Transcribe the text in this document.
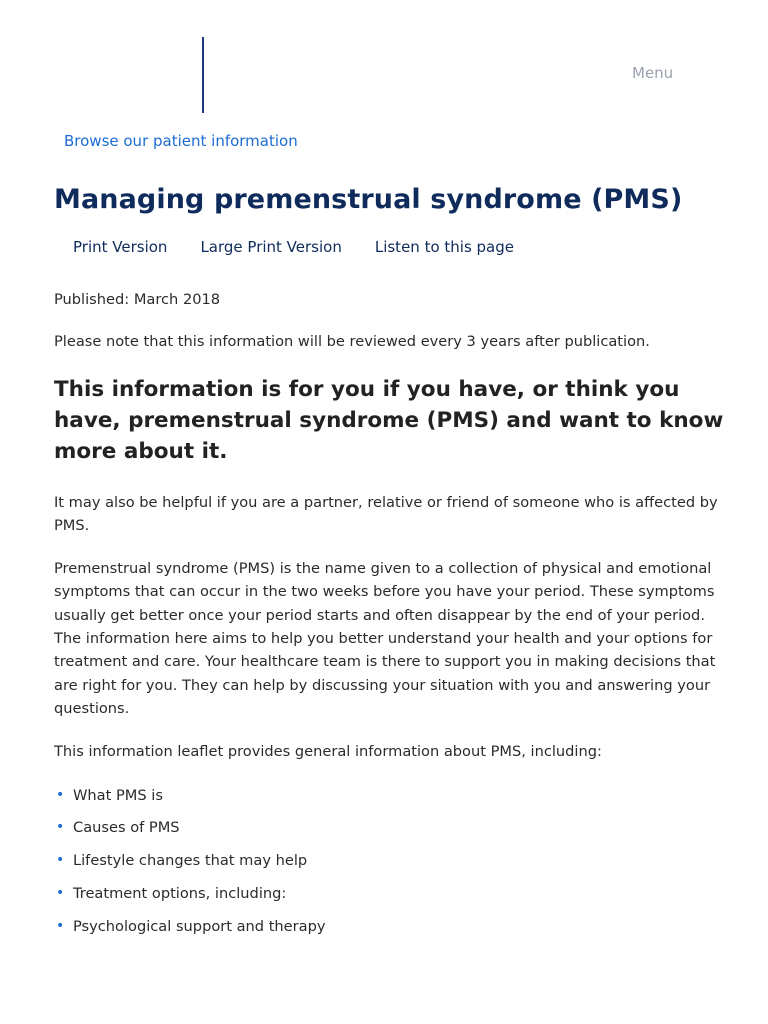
Menu
Browse our patient information
Managing premenstrual syndrome (PMS)
Print Version Large Print Version Listen to this page

Published: March 2018

Please note that this information will be reviewed every 3 years after publication.

This information is for you if you have, or think you have, premenstrual syndrome (PMS) and want to know more about it.

It may also be helpful if you are a partner, relative or friend of someone who is affected by PMS.

Premenstrual syndrome (PMS) is the name given to a collection of physical and emotional symptoms that can occur in the two weeks before you have your period. These symptoms usually get better once your period starts and often disappear by the end of your period.

The information here aims to help you better understand your health and your options for treatment and care. Your healthcare team is there to support you in making decisions that are right for you. They can help by discussing your situation with you and answering your questions.

This information leaflet provides general information about PMS, including:

• What PMS is
• Causes of PMS
• Lifestyle changes that may help
• Treatment options, including:
• Psychological support and therapy
